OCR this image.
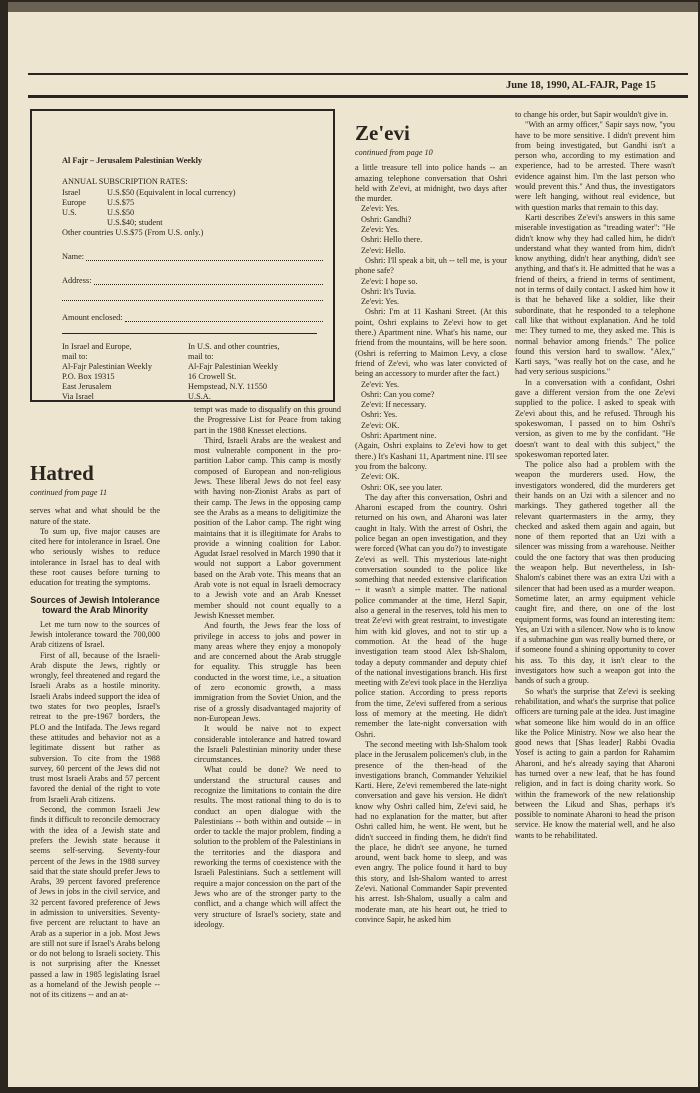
June 18, 1990, AL-FAJR, Page 15
Al Fajr – Jerusalem Palestinian Weekly
ANNUAL SUBSCRIPTION RATES:
Israel	U.S.$50 (Equivalent in local currency)
Europe	U.S.$75
U.S.	U.S.$50
U.S.$40; student
Other countries U.S.$75 (From U.S. only.)
Name:
Address:
Amount enclosed:
In Israel and Europe,
mail to:
Al-Fajr Palestinian Weekly
P.O. Box 19315
East Jerusalem
Via Israel
In U.S. and other countries,
mail to:
Al-Fajr Palestinian Weekly
16 Crowell St.
Hempstead, N.Y. 11550
U.S.A.
Hatred
continued from page 11

serves what and what should be the nature of the state.

To sum up, five major causes are cited here for intolerance in Israel. One who seriously wishes to reduce intolerance in Israel has to deal with these root causes before turning to education for treating the symptoms.

Sources of Jewish Intolerance toward the Arab Minority

Let me turn now to the sources of Jewish intolerance toward the 700,000 Arab citizens of Israel.

First of all, because of the Israeli-Arab dispute the Jews, rightly or wrongly, feel threatened and regard the Israeli Arabs as a hostile minority. Israeli Arabs indeed support the idea of two states for two peoples, Israel's retreat to the pre-1967 borders, the PLO and the Intifada. The Jews regard these attitudes and behavior not as a legitimate dissent but rather as subversion. To cite from the 1988 survey, 60 percent of the Jews did not trust most Israeli Arabs and 57 percent favored the denial of the right to vote from Israeli Arab citizens.

Second, the common Israeli Jew finds it difficult to reconcile democracy with the idea of a Jewish state and prefers the Jewish state because it seems self-serving. Seventy-four percent of the Jews in the 1988 survey said that the state should prefer Jews to Arabs, 39 percent favored preference of Jews in jobs in the civil service, and 32 percent favored preference of Jews in admission to universities. Seventy-five percent are reluctant to have an Arab as a superior in a job. Most Jews are still not sure if Israel's Arabs belong or do not belong to Israeli society. This is not surprising after the Knesset passed a law in 1985 legislating Israel as a homeland of the Jewish people -- not of its citizens -- and an at-

tempt was made to disqualify on this ground the Progressive List for Peace from taking part in the 1988 Knesset elections.

Third, Israeli Arabs are the weakest and most vulnerable component in the pro-partition Labor camp. This camp is mostly composed of European and non-religious Jews. These liberal Jews do not feel easy with having non-Zionist Arabs as part of their camp. The Jews in the opposing camp see the Arabs as a means to deligitimize the position of the Labor camp. The right wing maintains that it is illegitimate for Arabs to provide a winning coalition for Labor. Agudat Israel resolved in March 1990 that it would not support a Labor government based on the Arab vote. This means that an Arab vote is not equal in Israeli democracy to a Jewish vote and an Arab Knesset member should not count equally to a Jewish Knesset member.

And fourth, the Jews fear the loss of privilege in access to jobs and power in many areas where they enjoy a monopoly and are concerned about the Arab struggle for equality. This struggle has been conducted in the worst time, i.e., a situation of zero economic growth, a mass immigration from the Soviet Union, and the rise of a grossly disadvantaged majority of non-European Jews.

It would be naive not to expect considerable intolerance and hatred toward the Israeli Palestinian minority under these circumstances.

What could be done? We need to understand the structural causes and recognize the limitations to contain the dire results. The most rational thing to do is to conduct an open dialogue with the Palestinians -- both within and outside -- in order to tackle the major problem, finding a solution to the problem of the Palestinians in the territories and the diaspora and reworking the terms of coexistence with the Israeli Palestinians. Such a settlement will require a major concession on the part of the Jews who are of the stronger party to the conflict, and a change which will affect the very structure of Israel's society, state and ideology.

Ze'evi
continued from page 10

a little treasure tell into police hands -- an amazing telephone conversation that Oshri held with Ze'evi, at midnight, two days after the murder.

Ze'evi: Yes.

Oshri: Gandhi?

Ze'evi: Yes.

Oshri: Hello there.

Ze'evi: Hello.

Oshri: I'll speak a bit, uh -- tell me, is your phone safe?

Ze'evi: I hope so.

Oshri: It's Tuvia.

Ze'evi: Yes.

Oshri: I'm at 11 Kashani Street. (At this point, Oshri explains to Ze'evi how to get there.) Apartment nine. What's his name, our friend from the mountains, will be here soon. (Oshri is referring to Maimon Levy, a close friend of Ze'evi, who was later convicted of being an accessory to murder after the fact.)

Ze'evi: Yes.

Oshri: Can you come?

Ze'evi: If necessary.

Oshri: Yes.

Ze'evi: OK.

Oshri: Apartment nine.

(Again, Oshri explains to Ze'evi how to get there.) It's Kashani 11, Apartment nine. I'll see you from the balcony.

Ze'evi: OK.

Oshri: OK, see you later.

The day after this conversation, Oshri and Aharoni escaped from the country. Oshri returned on his own, and Aharoni was later caught in Italy. With the arrest of Oshri, the police began an open investigation, and they were forced (What can you do?) to investigate Ze'evi as well. This mysterious late-night conversation sounded to the police like something that needed extensive clarification -- it wasn't a simple matter. The national police commander at the time, Herzl Sapir, also a general in the reserves, told his men to treat Ze'evi with great restraint, to investigate him with kid gloves, and not to stir up a commotion. At the head of the huge investigation team stood Alex Ish-Shalom, today a deputy commander and deputy chief of the national investigations branch. His first meeting with Ze'evi took place in the Herzliya police station. According to press reports from the time, Ze'evi suffered from a serious loss of memory at the meeting. He didn't remember the late-night conversation with Oshri.

The second meeting with Ish-Shalom took place in the Jerusalem policemen's club, in the presence of the then-head of the investigations branch, Commander Yehzikiel Karti. Here, Ze'evi remembered the late-night conversation and gave his version. He didn't know why Oshri called him, Ze'evi said, he had no explanation for the matter, but after Oshri called him, he went. He went, but he didn't succeed in finding them, he didn't find the place, he didn't see anyone, he turned around, went back home to sleep, and was even angry. The police found it hard to buy this story, and Ish-Shalom wanted to arrest Ze'evi. National Commander Sapir prevented his arrest. Ish-Shalom, usually a calm and moderate man, ate his heart out, he tried to convince Sapir, he asked him

to change his order, but Sapir wouldn't give in.

"With an army officer," Sapir says now, "you have to be more sensitive. I didn't prevent him from being investigated, but Gandhi isn't a person who, according to my estimation and experience, had to be arrested. There wasn't evidence against him. I'm the last person who would prevent this." And thus, the investigators were left hanging, without real evidence, but with question marks that remain to this day.

Karti describes Ze'evi's answers in this same miserable investigation as "treading water": "He didn't know why they had called him, he didn't understand what they wanted from him, didn't know anything, didn't hear anything, didn't see anything, and that's it. He admitted that he was a friend of theirs, a friend in terms of sentiment, not in terms of daily contact. I asked him how it is that he behaved like a soldier, like their subordinate, that he responded to a telephone call like that without explanation. And he told me: They turned to me, they asked me. This is normal behavior among friends." The police found this version hard to swallow. "Alex," Karti says, "was really hot on the case, and he had very serious suspicions."

In a conversation with a confidant, Oshri gave a different version from the one Ze'evi supplied to the police. I asked to speak with Ze'evi about this, and he refused. Through his spokeswoman, I passed on to him Oshri's version, as given to me by the confidant. "He doesn't want to deal with this subject," the spokeswoman reported later.

The police also had a problem with the weapon the murderers used. How, the investigators wondered, did the murderers get their hands on an Uzi with a silencer and no markings. They gathered together all the relevant quartermasters in the army, they checked and asked them again and again, but none of them reported that an Uzi with a silencer was missing from a warehouse. Neither could the one factory that was then producing the weapon help. But nevertheless, in Ish-Shalom's cabinet there was an extra Uzi with a silencer that had been used as a murder weapon. Sometime later, an army equipment vehicle caught fire, and there, on one of the lost equipment forms, was found an interesting item: Yes, an Uzi with a silencer. Now who is to know if a submachine gun was really burned there, or if someone found a shining opportunity to cover his ass. To this day, it isn't clear to the investigators how such a weapon got into the hands of such a group.

So what's the surprise that Ze'evi is seeking rehabilitation, and what's the surprise that police officers are turning pale at the idea. Just imagine what someone like him would do in an office like the Police Ministry. Now we also hear the good news that [Shas leader] Rabbi Ovadia Yosef is acting to gain a pardon for Rahamim Aharoni, and he's already saying that Aharoni has turned over a new leaf, that he has found religion, and in fact is doing charity work. So within the framework of the new relationship between the Likud and Shas, perhaps it's possible to nominate Aharoni to head the prison service. He know the material well, and he also wants to be rehabilitated.
